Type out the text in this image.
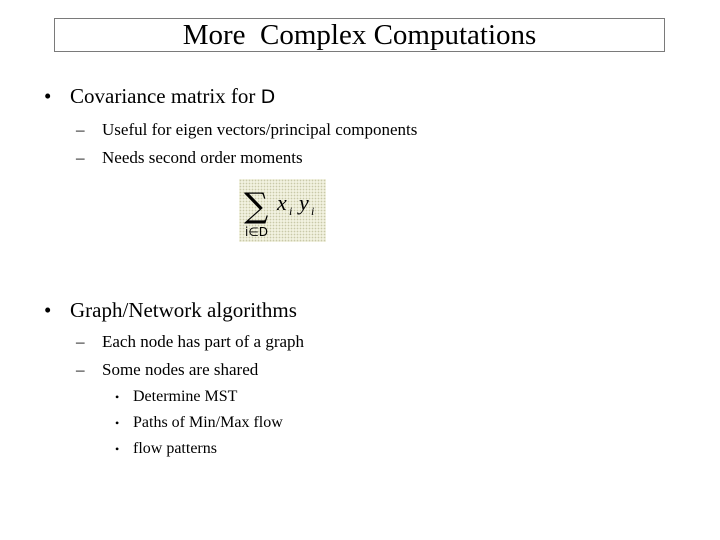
More  Complex Computations

•

Covariance matrix for D

–

Useful for eigen vectors/principal components

–

Needs second order moments

∑ x i y i
i∈D

•

Graph/Network algorithms

–

Each node has part of a graph

–

Some nodes are shared

•

Determine MST

•

Paths of Min/Max flow

•

flow patterns
